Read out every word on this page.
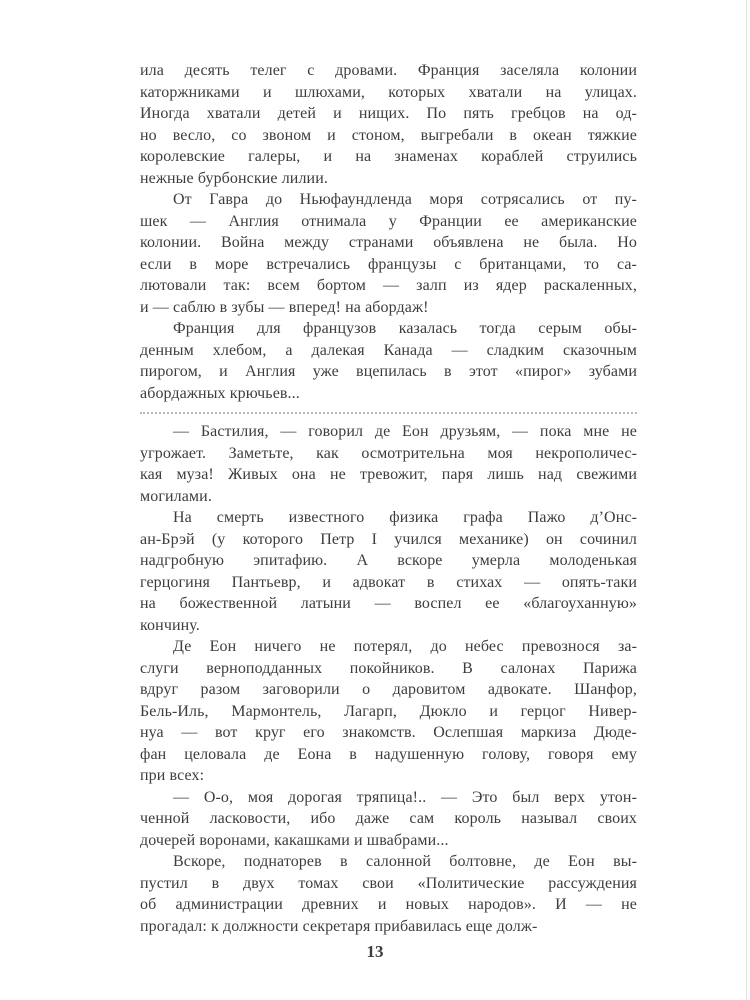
ила десять телег с дровами. Франция заселяла колонии
каторжниками и шлюхами, которых хватали на улицах.
Иногда хватали детей и нищих. По пять гребцов на од-
но весло, со звоном и стоном, выгребали в океан тяжкие
королевские галеры, и на знаменах кораблей струились
нежные бурбонские лилии.
От Гавра до Ньюфаундленда моря сотрясались от пу-
шек — Англия отнимала у Франции ее американские
колонии. Война между странами объявлена не была. Но
если в море встречались французы с британцами, то са-
лютовали так: всем бортом — залп из ядер раскаленных,
и — саблю в зубы — вперед! на абордаж!
Франция для французов казалась тогда серым обы-
денным хлебом, а далекая Канада — сладким сказочным
пирогом, и Англия уже вцепилась в этот «пирог» зубами
абордажных крючьев...
— Бастилия, — говорил де Еон друзьям, — пока мне не
угрожает. Заметьте, как осмотрительна моя некрополичес-
кая муза! Живых она не тревожит, паря лишь над свежими
могилами.
На смерть известного физика графа Пажо д’Онс-
ан-Брэй (у которого Петр I учился механике) он сочинил
надгробную эпитафию. А вскоре умерла молоденькая
герцогиня Пантьевр, и адвокат в стихах — опять-таки
на божественной латыни — воспел ее «благоуханную»
кончину.
Де Еон ничего не потерял, до небес превознося за-
слуги верноподданных покойников. В салонах Парижа
вдруг разом заговорили о даровитом адвокате. Шанфор,
Бель-Иль, Мармонтель, Лагарп, Дюкло и герцог Нивер-
нуа — вот круг его знакомств. Ослепшая маркиза Дюде-
фан целовала де Еона в надушенную голову, говоря ему
при всех:
— О-о, моя дорогая тряпица!.. — Это был верх утон-
ченной ласковости, ибо даже сам король называл своих
дочерей воронами, какашками и швабрами...
Вскоре, поднаторев в салонной болтовне, де Еон вы-
пустил в двух томах свои «Политические рассуждения
об администрации древних и новых народов». И — не
прогадал: к должности секретаря прибавилась еще долж-
13
